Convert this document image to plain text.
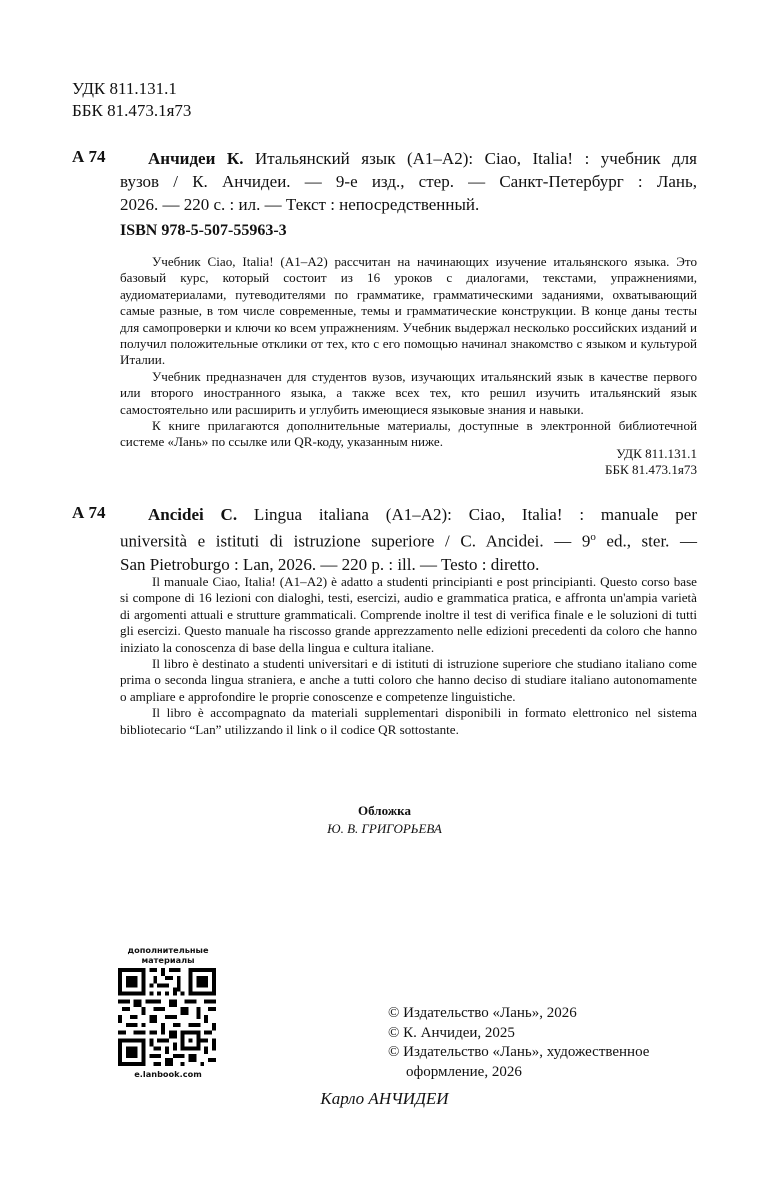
УДК 811.131.1
ББК 81.473.1я73
А 74 Анчидеи К. Итальянский язык (А1–А2): Ciao, Italia! : учебник для
вузов / К. Анчидеи. — 9-е изд., стер. — Санкт-Петербург : Лань,
2026. — 220 с. : ил. — Текст : непосредственный.
ISBN 978-5-507-55963-3

Учебник Ciao, Italia! (А1–А2) рассчитан на начинающих изучение итальянского языка. Это базовый курс, который состоит из 16 уроков с диалогами, текстами, упражнениями, аудиоматериалами, путеводителями по грамматике, грамматическими заданиями, охватывающий самые разные, в том числе современные, темы и грамматические конструкции. В конце даны тесты для самопроверки и ключи ко всем упражнениям. Учебник выдержал несколько российских изданий и получил положительные отклики от тех, кто с его помощью начинал знакомство с языком и культурой Италии.

Учебник предназначен для студентов вузов, изучающих итальянский язык в качестве первого или второго иностранного языка, а также всех тех, кто решил изучить итальянский язык самостоятельно или расширить и углубить имеющиеся языковые знания и навыки.

К книге прилагаются дополнительные материалы, доступные в электронной библиотечной системе «Лань» по ссылке или QR-коду, указанным ниже.

УДК 811.131.1
ББК 81.473.1я73
А 74 Ancidei C. Lingua italiana (A1–A2): Ciao, Italia! : manuale per
università e istituti di istruzione superiore / C. Ancidei. — 9$^o$ ed., ster. —
San Pietroburgo : Lan, 2026. — 220 p. : ill. — Testo : diretto.

Il manuale Ciao, Italia! (A1–A2) è adatto a studenti principianti e post principianti. Questo corso base si compone di 16 lezioni con dialoghi, testi, esercizi, audio e grammatica pratica, e affronta un'ampia varietà di argomenti attuali e strutture grammaticali. Comprende inoltre il test di verifica finale e le soluzioni di tutti gli esercizi. Questo manuale ha riscosso grande apprezzamento nelle edizioni precedenti da coloro che hanno iniziato la conoscenza di base della lingua e cultura italiane.

Il libro è destinato a studenti universitari e di istituti di istruzione superiore che studiano italiano come prima o seconda lingua straniera, e anche a tutti coloro che hanno deciso di studiare italiano autonomamente o ampliare e approfondire le proprie conoscenze e competenze linguistiche.

Il libro è accompagnato da materiali supplementari disponibili in formato elettronico nel sistema bibliotecario “Lan” utilizzando il link o il codice QR sottostante.

Обложка
Ю. В. ГРИГОРЬЕВА
дополнительные
материалы
e.lanbook.com
© Издательство «Лань», 2026
© К. Анчидеи, 2025
© Издательство «Лань», художественное
оформление, 2026
Карло АНЧИДЕИ
